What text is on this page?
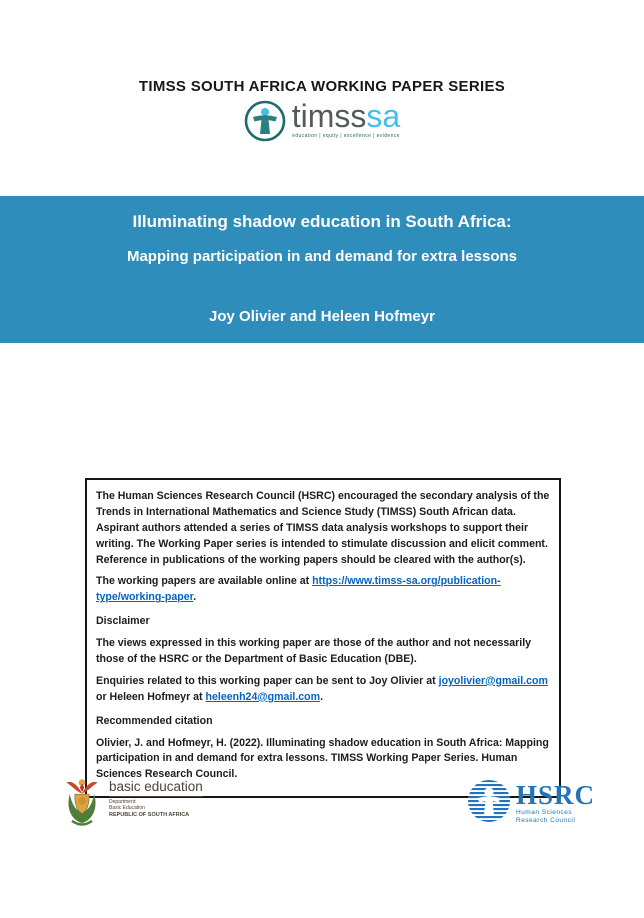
TIMSS SOUTH AFRICA WORKING PAPER SERIES
timsssa
education | equity | excellence | evidence
Illuminating shadow education in South Africa:
Mapping participation in and demand for extra lessons
Joy Olivier and Heleen Hofmeyr

The Human Sciences Research Council (HSRC) encouraged the secondary analysis of the Trends in International Mathematics and Science Study (TIMSS) South African data. Aspirant authors attended a series of TIMSS data analysis workshops to support their writing. The Working Paper series is intended to stimulate discussion and elicit comment.  Reference in publications of the working papers should be cleared with the author(s).

The working papers are available online at https://www.timss-sa.org/publication-type/working-paper.

Disclaimer

The views expressed in this working paper are those of the author and not necessarily those of the HSRC or the Department of Basic Education (DBE).

Enquiries related to this working paper can be sent to Joy Olivier at joyolivier@gmail.com or Heleen Hofmeyr at heleenh24@gmail.com.

Recommended citation

Olivier, J. and Hofmeyr, H. (2022). Illuminating shadow education in South Africa: Mapping participation in and demand for extra lessons. TIMSS Working Paper Series. Human Sciences Research Council.

basic education
Department:
Basic Education
REPUBLIC OF SOUTH AFRICA
HSRC
Human Sciences
Research Council
